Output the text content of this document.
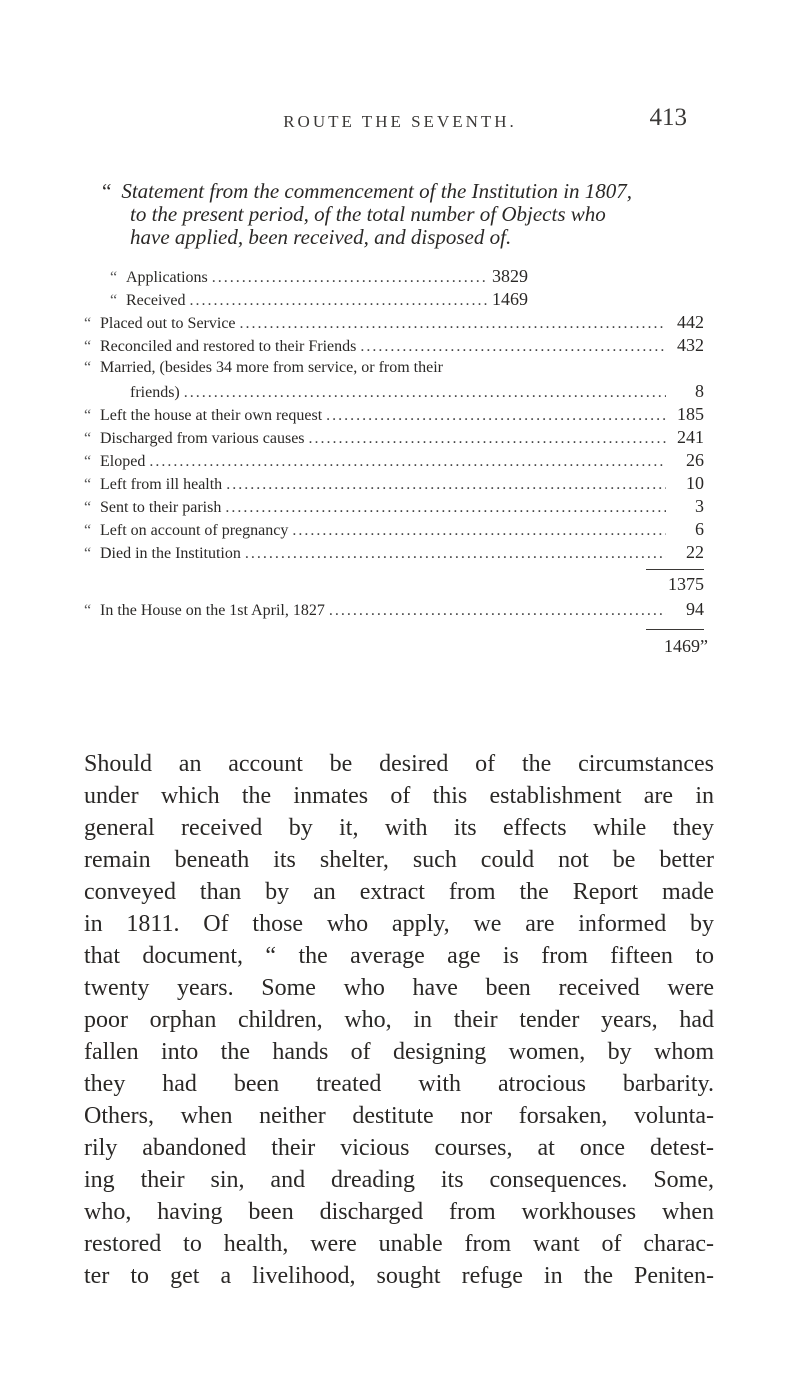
ROUTE THE SEVENTH.	413
“ Statement from the commencement of the Institution in 1807,
to the present period, of the total number of Objects who
have applied, been received, and disposed of.
“ Applications .....	3829
“ Received .....	1469
“ Placed out to Service .....	442
“ Reconciled and restored to their Friends .....	432
“ Married, (besides 34 more from service, or from their
friends) .....	8
“ Left the house at their own request .....	185
“ Discharged from various causes .....	241
“ Eloped .....	26
“ Left from ill health .....	10
“ Sent to their parish .....	3
“ Left on account of pregnancy .....	6
“ Died in the Institution .....	22
1375
“ In the House on the 1st April, 1827 .....	94
1469”
Should an account be desired of the circumstances
under which the inmates of this establishment are in
general received by it, with its effects while they
remain beneath its shelter, such could not be better
conveyed than by an extract from the Report made
in 1811. Of those who apply, we are informed by
that document, “ the average age is from fifteen to
twenty years. Some who have been received were
poor orphan children, who, in their tender years, had
fallen into the hands of designing women, by whom
they had been treated with atrocious barbarity.
Others, when neither destitute nor forsaken, volunta-
rily abandoned their vicious courses, at once detest-
ing their sin, and dreading its consequences. Some,
who, having been discharged from workhouses when
restored to health, were unable from want of charac-
ter to get a livelihood, sought refuge in the Peniten-
